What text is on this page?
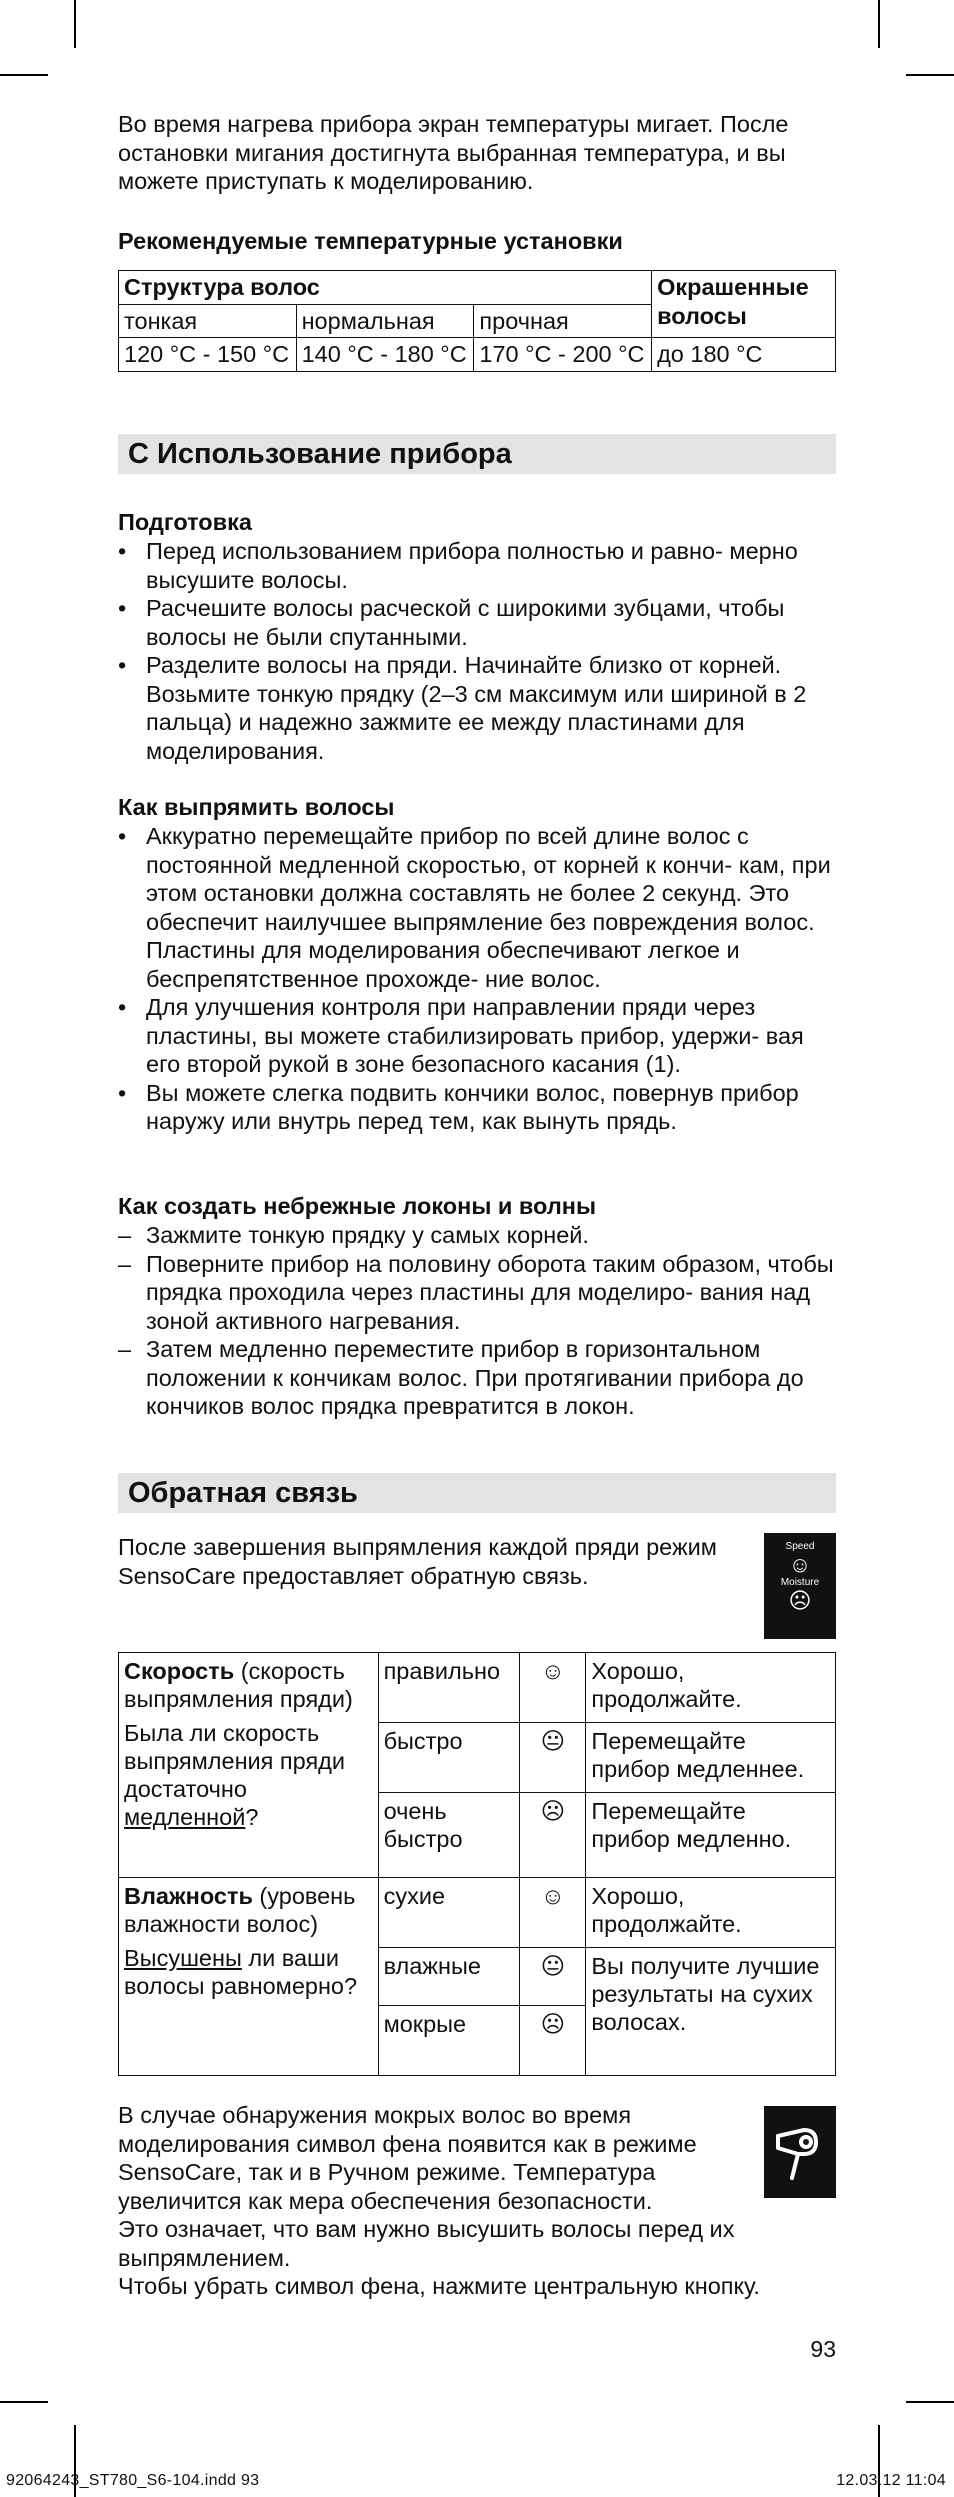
Во время нагрева прибора экран температуры мигает. После остановки мигания достигнута выбранная температура, и вы можете приступать к моделированию.

Рекомендуемые температурные установки

Структура волос			Окрашенные волосы
тонкая	нормальная	прочная	
120 °C - 150 °C	140 °C - 180 °C	170 °C - 200 °C	до 180 °C
C Использование прибора

Подготовка

• Перед использованием прибора полностью и равно- мерно высушите волосы.
• Расчешите волосы расческой с широкими зубцами, чтобы волосы не были спутанными.
• Разделите волосы на пряди. Начинайте близко от корней. Возьмите тонкую прядку (2–3 см максимум или шириной в 2 пальца) и надежно зажмите ее между пластинами для моделирования.

Как выпрямить волосы

• Аккуратно перемещайте прибор по всей длине волос с постоянной медленной скоростью, от корней к кончи- кам, при этом остановки должна составлять не более 2 секунд. Это обеспечит наилучшее выпрямление без повреждения волос. Пластины для моделирования обеспечивают легкое и беспрепятственное прохожде- ние волос.
• Для улучшения контроля при направлении пряди через пластины, вы можете стабилизировать прибор, удержи- вая его второй рукой в зоне безопасного касания (1).
• Вы можете слегка подвить кончики волос, повернув прибор наружу или внутрь перед тем, как вынуть прядь.

Как создать небрежные локоны и волны

– Зажмите тонкую прядку у самых корней.
– Поверните прибор на половину оборота таким образом, чтобы прядка проходила через пластины для моделиро- вания над зоной активного нагревания.
– Затем медленно переместите прибор в горизонтальном положении к кончикам волос. При протягивании прибора до кончиков волос прядка превратится в локон.
Обратная связь

После завершения выпрямления каждой пряди режим SensoCare предоставляет обратную связь.

Speed
☺
Moisture
☹
Скорость (скорость выпрямления пряди)
Была ли скорость выпрямления пряди достаточно медленной?	правильно	☺	Хорошо, продолжайте.
	быстро	😐	Перемещайте прибор медленнее.
	очень быстро	☹	Перемещайте прибор медленно.
Влажность (уровень влажности волос)
Высушены ли ваши волосы равномерно?	сухие	☺	Хорошо, продолжайте.
	влажные	😐	Вы получите лучшие результаты на сухих волосах.
	мокрые	☹	

В случае обнаружения мокрых волос во время моделирования символ фена появится как в режиме SensoCare, так и в Ручном режиме. Температура увеличится как мера обеспечения безопасности.

Это означает, что вам нужно высушить волосы перед их выпрямлением.

Чтобы убрать символ фена, нажмите центральную кнопку.

93
92064243_ST780_S6-104.indd 93	12.03.12 11:04
